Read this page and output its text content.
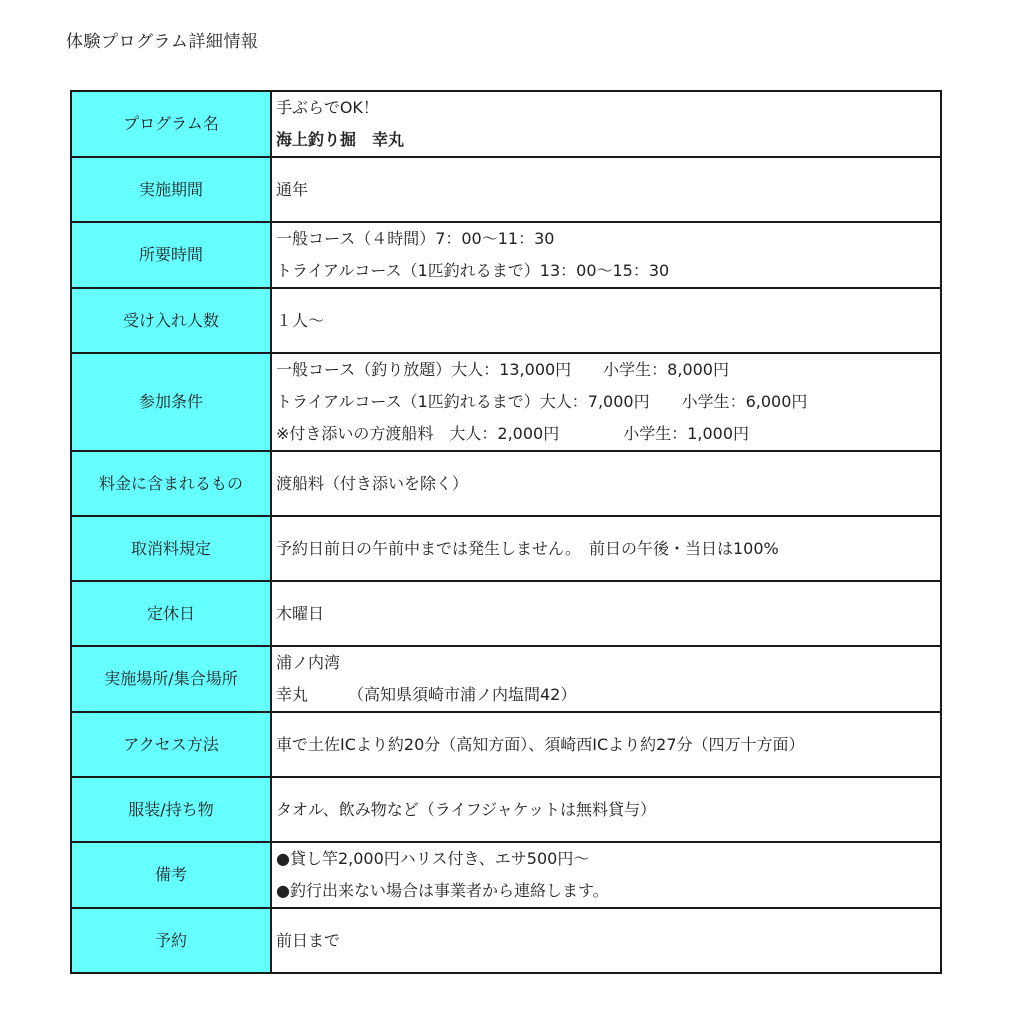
体験プログラム詳細情報
プログラム名	手ぶらでOK！
海上釣り掘　幸丸

実施期間	通年

所要時間	一般コース（４時間）7：00〜11：30
トライアルコース（1匹釣れるまで）13：00〜15：30

受け入れ人数	１人〜

参加条件	一般コース（釣り放題）大人：13,000円　　小学生：8,000円
トライアルコース（1匹釣れるまで）大人：7,000円　　小学生：6,000円
※付き添いの方渡船料　大人：2,000円　　　　小学生：1,000円

料金に含まれるもの	渡船料（付き添いを除く）

取消料規定	予約日前日の午前中までは発生しません。　前日の午後・当日は100%

定休日	木曜日

実施場所/集合場所	浦ノ内湾
幸丸　　　（高知県須崎市浦ノ内塩間42）

アクセス方法	車で土佐ICより約20分（高知方面）、須崎西ICより約27分（四万十方面）

服装/持ち物	タオル、飲み物など（ライフジャケットは無料貸与）

備考	●貸し竿2,000円ハリス付き、エサ500円〜
●釣行出来ない場合は事業者から連絡します。

予約	前日まで
